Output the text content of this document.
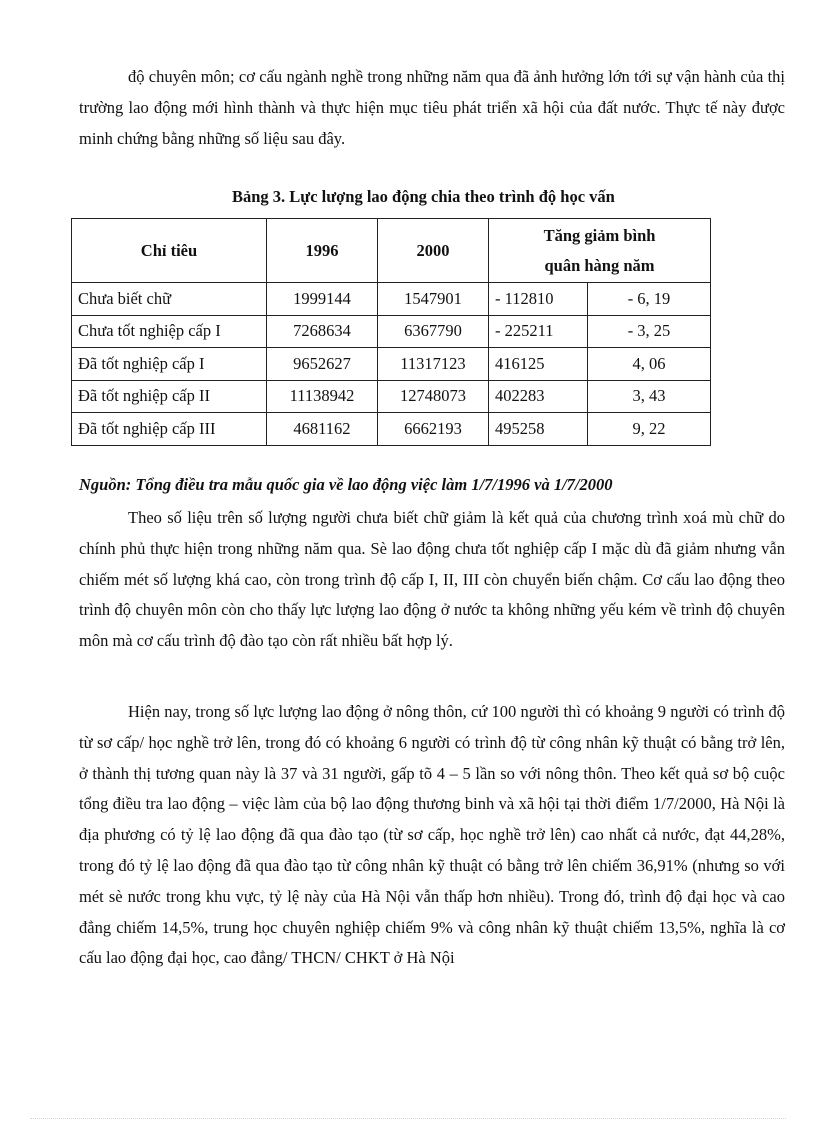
độ chuyên môn; cơ cấu ngành nghề trong những năm qua đã ảnh hưởng lớn tới sự vận hành của thị trường lao động mới hình thành và thực hiện mục tiêu phát triển xã hội của đất nước. Thực tế này được minh chứng bằng những số liệu sau đây.

Bảng 3. Lực lượng lao động chia theo trình độ học vấn
Chỉ tiêu	1996	2000	Tăng giảm bình
quân hàng năm	
Chưa biết chữ	1999144	1547901	- 112810	- 6, 19
Chưa tốt nghiệp cấp I	7268634	6367790	- 225211	- 3, 25
Đã tốt nghiệp cấp I	9652627	11317123	416125	4, 06
Đã tốt nghiệp cấp II	11138942	12748073	402283	3, 43
Đã tốt nghiệp cấp III	4681162	6662193	495258	9, 22
Nguồn: Tổng điều tra mẫu quốc gia về lao động việc làm 1/7/1996 và 1/7/2000

Theo số liệu trên số lượng người chưa biết chữ giảm là kết quả của chương trình xoá mù chữ do chính phủ thực hiện trong những năm qua. Sè lao động chưa tốt nghiệp cấp I mặc dù đã giảm nhưng vẫn chiếm mét số lượng khá cao, còn trong trình độ cấp I, II, III còn chuyển biến chậm. Cơ cấu lao động theo trình độ chuyên môn còn cho thấy lực lượng lao động ở nước ta không những yếu kém về trình độ chuyên môn mà cơ cấu trình độ đào tạo còn rất nhiều bất hợp lý.

Hiện nay, trong số lực lượng lao động ở nông thôn, cứ 100 người thì có khoảng 9 người có trình độ từ sơ cấp/ học nghề trở lên, trong đó có khoảng 6 người có trình độ từ công nhân kỹ thuật có bằng trở lên, ở thành thị tương quan này là 37 và 31 người, gấp tõ 4 – 5 lần so với nông thôn. Theo kết quả sơ bộ cuộc tổng điều tra lao động – việc làm của bộ lao động thương binh và xã hội tại thời điểm 1/7/2000, Hà Nội là địa phương có tỷ lệ lao động đã qua đào tạo (từ sơ cấp, học nghề trở lên) cao nhất cả nước, đạt 44,28%, trong đó tỷ lệ lao động đã qua đào tạo từ công nhân kỹ thuật có bằng trở lên chiếm 36,91% (nhưng so với mét sè nước trong khu vực, tỷ lệ này của Hà Nội vẫn thấp hơn nhiều). Trong đó, trình độ đại học và cao đẳng chiếm 14,5%, trung học chuyên nghiệp chiếm 9% và công nhân kỹ thuật chiếm 13,5%, nghĩa là cơ cấu lao động đại học, cao đẳng/ THCN/ CHKT ở Hà Nội
